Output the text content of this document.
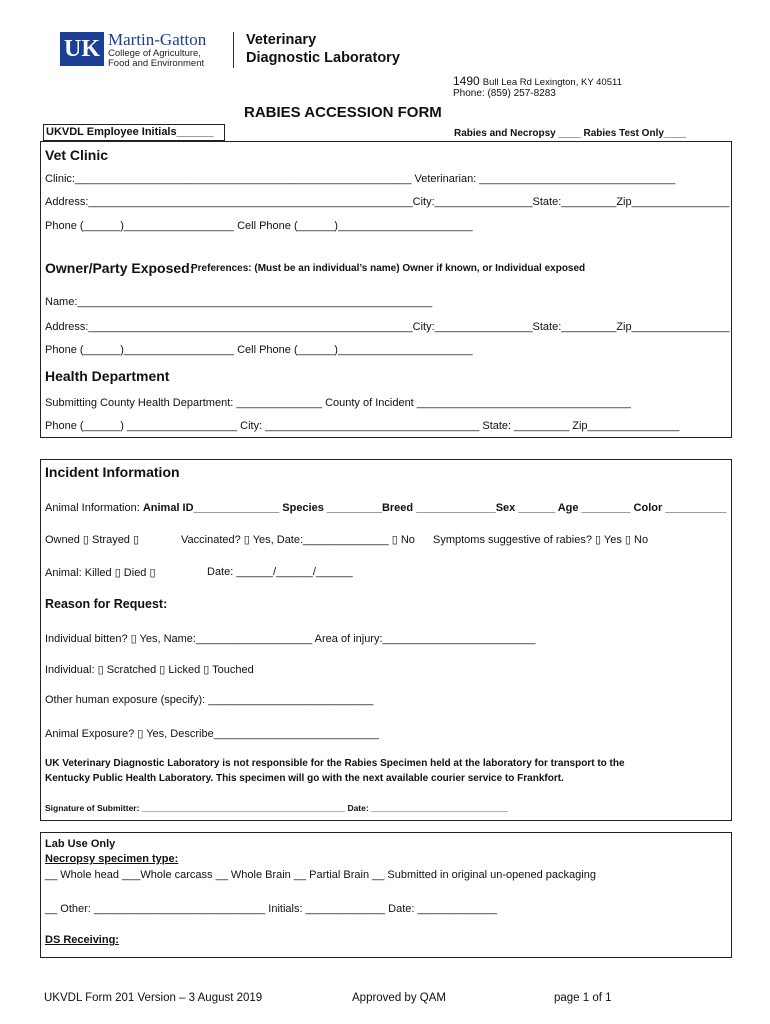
UK Martin-Gatton
College of Agriculture,
Food and Environment
Veterinary
Diagnostic Laboratory
1490 Bull Lea Rd Lexington, KY 40511
Phone: (859) 257-8283
RABIES ACCESSION FORM
UKVDL Employee Initials______	Rabies and Necropsy ____ Rabies Test Only____
Vet Clinic
Clinic:_______________________________________________________ Veterinarian: ________________________________
Address:_____________________________________________________City:________________State:_________Zip________________
Phone (______)__________________ Cell Phone (______)______________________
Owner/Party Exposed:
Preferences: (Must be an individual’s name) Owner if known, or Individual exposed
Name:__________________________________________________________
Address:_____________________________________________________City:________________State:_________Zip________________
Phone (______)__________________ Cell Phone (______)______________________
Health Department
Submitting County Health Department: ______________ County of Incident ___________________________________
Phone (______) __________________ City: ___________________________________ State: _________ Zip_______________
Incident Information
Animal Information: Animal ID______________ Species _________Breed _____________Sex ______ Age ________ Color __________
Owned ▯ Strayed ▯	Vaccinated? ▯ Yes, Date:______________ ▯ No Symptoms suggestive of rabies? ▯ Yes ▯ No
Animal: Killed ▯ Died ▯	Date: ______/______/______
Reason for Request:
Individual bitten? ▯ Yes, Name:___________________ Area of injury:_________________________
Individual: ▯ Scratched ▯ Licked ▯ Touched
Other human exposure (specify): ___________________________
Animal Exposure? ▯ Yes, Describe___________________________
UK Veterinary Diagnostic Laboratory is not responsible for the Rabies Specimen held at the laboratory for transport to the
Kentucky Public Health Laboratory. This specimen will go with the next available courier service to Frankfort.
Signature of Submitter: ___________________________________________ Date: _____________________________
Lab Use Only
Necropsy specimen type:
__ Whole head ___Whole carcass __ Whole Brain __ Partial Brain __ Submitted in original un-opened packaging
__ Other: ____________________________ Initials: _____________ Date: _____________
DS Receiving:
UKVDL Form 201 Version – 3 August 2019	Approved by QAM	page 1 of 1
